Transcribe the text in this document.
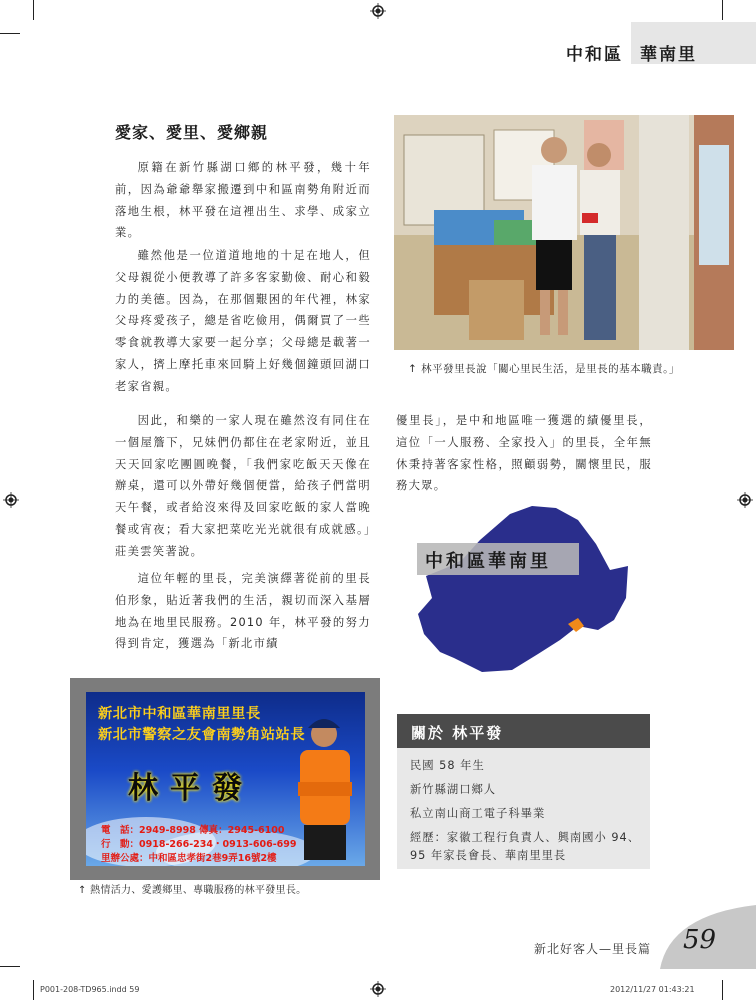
中和區 華南里
愛家、愛里、愛鄉親
原籍在新竹縣湖口鄉的林平發，幾十年前，因為爺爺舉家搬遷到中和區南勢角附近而落地生根，林平發在這裡出生、求學、成家立業。
雖然他是一位道道地地的十足在地人，但父母親從小便教導了許多客家勤儉、耐心和毅力的美德。因為，在那個艱困的年代裡，林家父母疼愛孩子，總是省吃儉用，偶爾買了一些零食就教導大家要一起分享；父母總是載著一家人，擠上摩托車來回騎上好幾個鐘頭回湖口老家省親。
因此，和樂的一家人現在雖然沒有同住在一個屋簷下，兄妹們仍都住在老家附近，並且天天回家吃團圓晚餐，「我們家吃飯天天像在辦桌，還可以外帶好幾個便當，給孩子們當明天午餐，或者給沒來得及回家吃飯的家人當晚餐或宵夜；看大家把菜吃光光就很有成就感。」莊美雲笑著說。
這位年輕的里長，完美演繹著從前的里長伯形象，貼近著我們的生活，親切而深入基層地為在地里民服務。2010 年，林平發的努力得到肯定，獲選為「新北市績
優里長」，是中和地區唯一獲選的績優里長，這位「一人服務、全家投入」的里長，全年無休秉持著客家性格，照顧弱勢，關懷里民，服務大眾。
↑ 林平發里長說「關心里民生活，是里長的基本職責。」
中和區華南里
關於 林平發
民國 58 年生
新竹縣湖口鄉人
私立南山商工電子科畢業
經歷：家徽工程行負責人、興南國小 94、95 年家長會長、華南里里長
新北市中和區華南里里長
新北市警察之友會南勢角站站長
林平發
電　話：2949-8998 傳真：2945-6100
行　動：0918-266-234・0913-606-699
里辦公處：中和區忠孝街2巷9弄16號2樓
↑ 熱情活力、愛護鄉里、專職服務的林平發里長。
新北好客人—里長篇 59
P001-208-TD965.indd 59	2012/11/27 01:43:21
